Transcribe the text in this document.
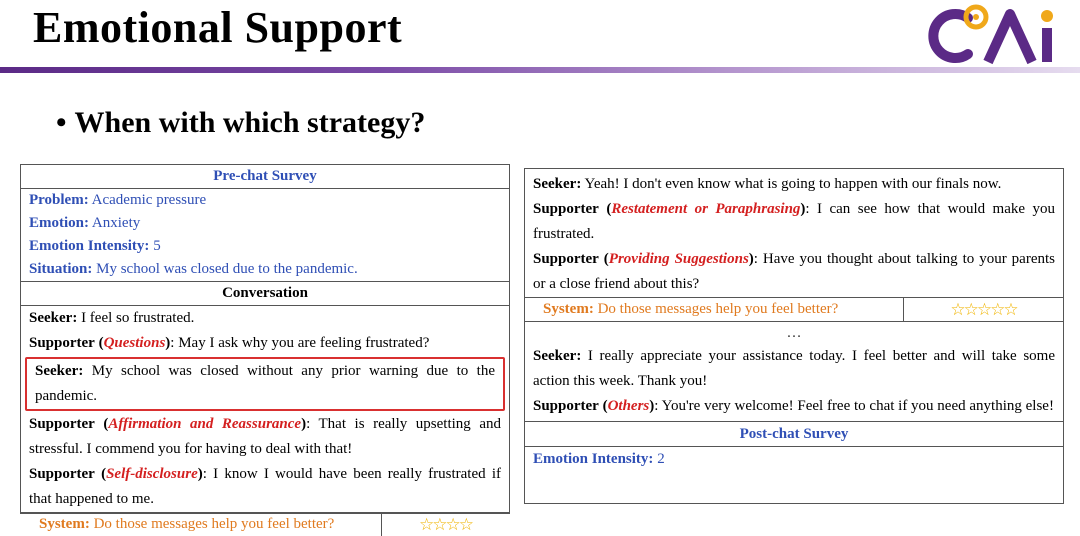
Emotional Support
• When with which strategy?
Pre-chat Survey
Problem: Academic pressure
Emotion: Anxiety
Emotion Intensity: 5
Situation: My school was closed due to the pandemic.
Conversation
Seeker: I feel so frustrated.
Supporter (Questions): May I ask why you are feeling frustrated?
Seeker: My school was closed without any prior warning due to the pandemic.
Supporter (Affirmation and Reassurance): That is really upsetting and stressful. I commend you for having to deal with that!
Supporter (Self-disclosure): I know I would have been really frustrated if that happened to me.
System: Do those messages help you feel better?	☆☆☆☆
Seeker: Yeah! I don't even know what is going to happen with our finals now.
Supporter (Restatement or Paraphrasing): I can see how that would make you frustrated.
Supporter (Providing Suggestions): Have you thought about talking to your parents or a close friend about this?
System: Do those messages help you feel better?	☆☆☆☆☆
…
Seeker: I really appreciate your assistance today. I feel better and will take some action this week. Thank you!
Supporter (Others): You're very welcome! Feel free to chat if you need anything else!
Post-chat Survey
Emotion Intensity: 2
